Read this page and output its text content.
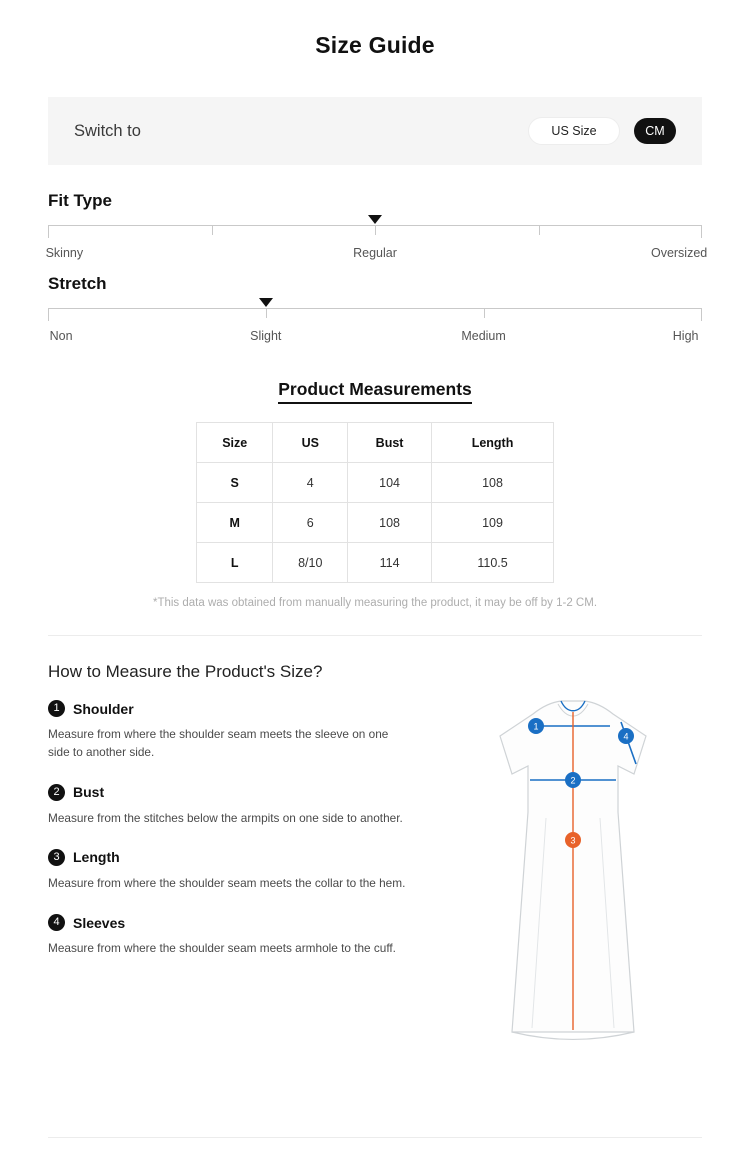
Size Guide
Switch to	US Size	CM
Fit Type
Skinny	Regular	Oversized
Stretch
Non	Slight	Medium	High
Product Measurements
Size	US	Bust	Length
S	4	104	108
M	6	108	109
L	8/10	114	110.5
*This data was obtained from manually measuring the product, it may be off by 1-2 CM.
How to Measure the Product's Size?
1 Shoulder
Measure from where the shoulder seam meets the sleeve on one side to another side.
2 Bust
Measure from the stitches below the armpits on one side to another.
3 Length
Measure from where the shoulder seam meets the collar to the hem.
4 Sleeves
Measure from where the shoulder seam meets armhole to the cuff.
1
2
3
4
